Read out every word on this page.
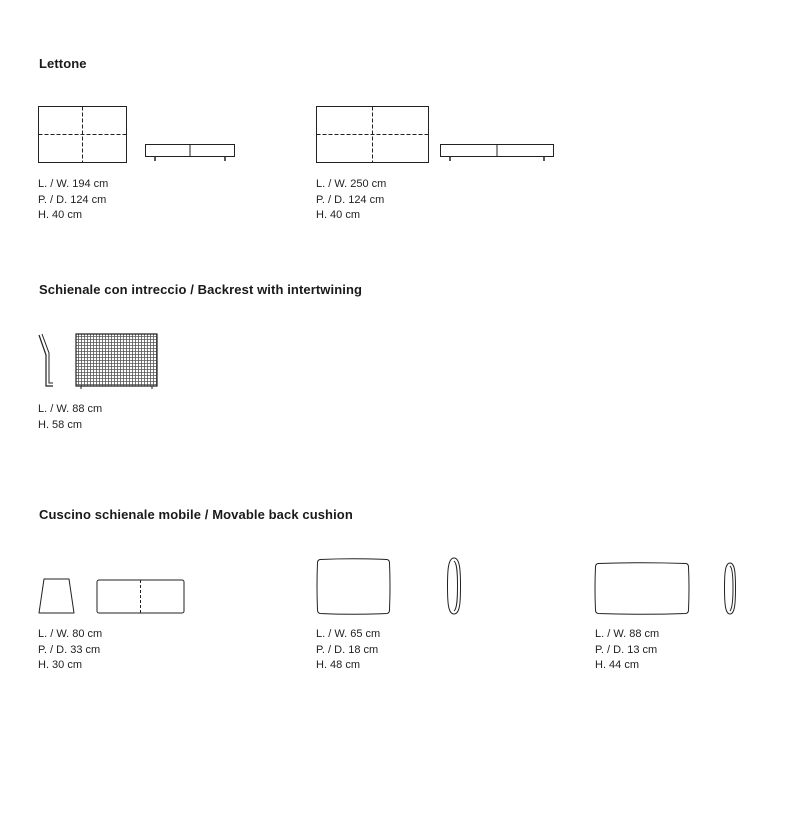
Lettone
L. / W. 194 cm
P. / D. 124 cm
H. 40 cm
L. / W. 250 cm
P. / D. 124 cm
H. 40 cm
Schienale con intreccio / Backrest with intertwining
L. / W. 88 cm
H. 58 cm
Cuscino schienale mobile / Movable back cushion
L. / W. 80 cm
P. / D. 33 cm
H. 30 cm
L. / W. 65 cm
P. / D. 18 cm
H. 48 cm
L. / W. 88 cm
P. / D. 13 cm
H. 44 cm
